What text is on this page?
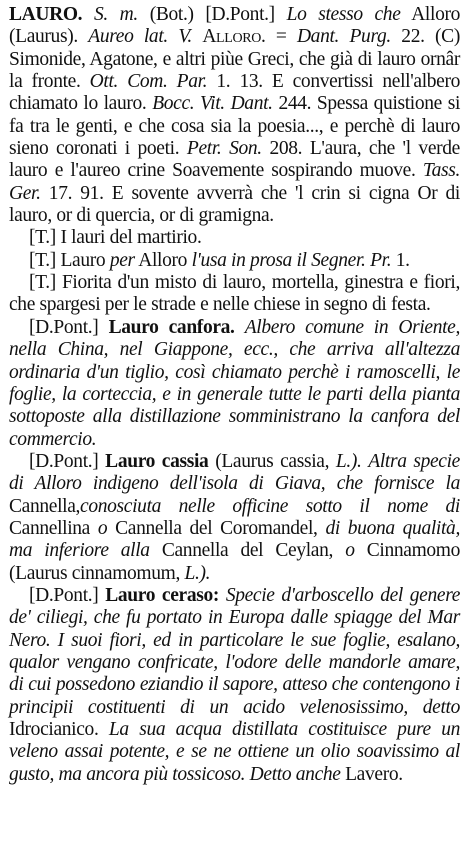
LAURO. S. m. (Bot.) [D.Pont.] Lo stesso che Alloro (Laurus). Aureo lat. V. Alloro. = Dant. Purg. 22. (C) Simonide, Agatone, e altri piùe Greci, che già di lauro ornâr la fronte. Ott. Com. Par. 1. 13. E convertissi nell'albero chiamato lo lauro. Bocc. Vit. Dant. 244. Spessa quistione si fa tra le genti, e che cosa sia la poesia..., e perchè di lauro sieno coronati i poeti. Petr. Son. 208. L'aura, che 'l verde lauro e l'aureo crine Soavemente sospirando muove. Tass. Ger. 17. 91. E sovente avverrà che 'l crin si cigna Or di lauro, or di quercia, or di gramigna.

[T.] I lauri del martirio.

[T.] Lauro per Alloro l'usa in prosa il Segner. Pr. 1.

[T.] Fiorita d'un misto di lauro, mortella, ginestra e fiori, che spargesi per le strade e nelle chiese in segno di festa.

[D.Pont.] Lauro canfora. Albero comune in Oriente, nella China, nel Giappone, ecc., che arriva all'altezza ordinaria d'un tiglio, così chiamato perchè i ramoscelli, le foglie, la corteccia, e in generale tutte le parti della pianta sottoposte alla distillazione somministrano la canfora del commercio.

[D.Pont.] Lauro cassia (Laurus cassia, L.). Altra specie di Alloro indigeno dell'isola di Giava, che fornisce la Cannella,conosciuta nelle officine sotto il nome di Cannellina o Cannella del Coromandel, di buona qualità, ma inferiore alla Cannella del Ceylan, o Cinnamomo (Laurus cinnamomum, L.).

[D.Pont.] Lauro ceraso: Specie d'arboscello del genere de' ciliegi, che fu portato in Europa dalle spiagge del Mar Nero. I suoi fiori, ed in particolare le sue foglie, esalano, qualor vengano confricate, l'odore delle mandorle amare, di cui possedono eziandio il sapore, atteso che contengono i principii costituenti di un acido velenosissimo, detto Idrocianico. La sua acqua distillata costituisce pure un veleno assai potente, e se ne ottiene un olio soavissimo al gusto, ma ancora più tossicoso. Detto anche Lavero.
